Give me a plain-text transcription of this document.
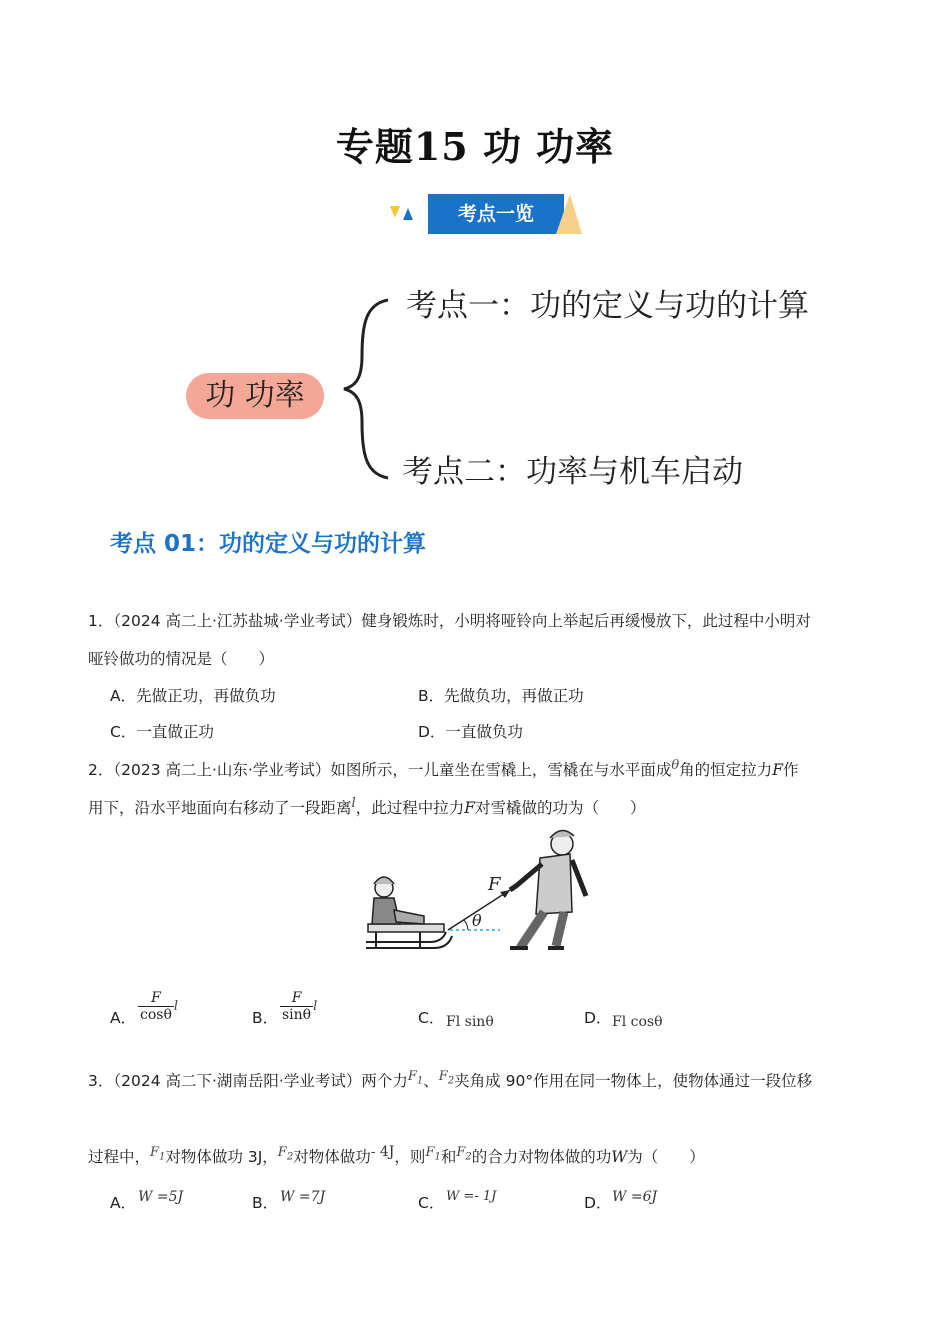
专题15 功 功率
考点一览
功 功率
考点一：功的定义与功的计算
考点二：功率与机车启动
考点 01：功的定义与功的计算
1．（2024 高二上·江苏盐城·学业考试）健身锻炼时，小明将哑铃向上举起后再缓慢放下，此过程中小明对
哑铃做功的情况是（　　）
A．先做正功，再做负功	B．先做负功，再做正功
C．一直做正功	D．一直做负功
2．（2023 高二上·山东·学业考试）如图所示，一儿童坐在雪橇上，雪橇在与水平面成$^\theta$角的恒定拉力F作
用下，沿水平地面向右移动了一段距离$^l$，此过程中拉力F对雪橇做的功为（　　）
θ
F
A． $\frac{F}{\cos\theta}$ l
B． $\frac{F}{\sin\theta}$ l
C． Fl sinθ	D． Fl cosθ
3．（2024 高二下·湖南岳阳·学业考试）两个力$^{F_1}$、$^{F_2}$夹角成 90°作用在同一物体上，使物体通过一段位移
过程中，$^{F_1}$对物体做功 3J，$^{F_2}$对物体做功- 4J，则$^{F_1}$和$^{F_2}$的合力对物体做的功W为（　　）
A． W =5J	B． W =7J	C． W =- 1J	D． W =6J
